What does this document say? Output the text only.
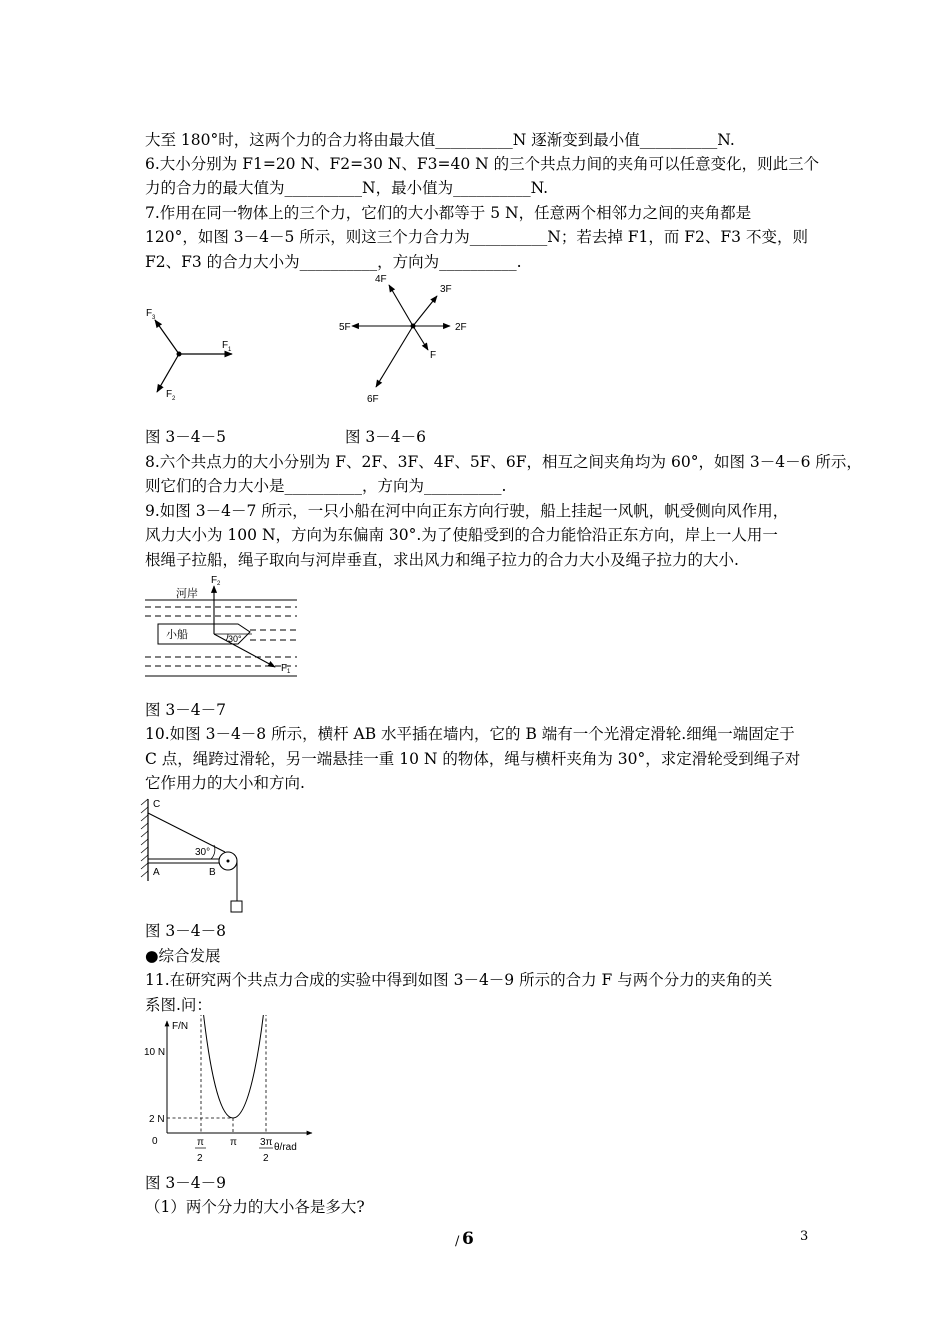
大至 180°时，这两个力的合力将由最大值__________N 逐渐变到最小值__________N.
6.大小分别为 F1=20 N、F2=30 N、F3=40 N 的三个共点力间的夹角可以任意变化，则此三个
力的合力的最大值为__________N，最小值为__________N.
7.作用在同一物体上的三个力，它们的大小都等于 5 N，任意两个相邻力之间的夹角都是
120°，如图 3－4－5 所示，则这三个力合力为__________N；若去掉 F1，而 F2、F3 不变，则
F2、F3 的合力大小为__________，方向为__________.
F 1
F 3
F 2
2F
5F
3F
4F
F
6F
图 3－4－5	图 3－4－6
8.六个共点力的大小分别为 F、2F、3F、4F、5F、6F，相互之间夹角均为 60°，如图 3－4－6 所示，
则它们的合力大小是__________，方向为__________.
9.如图 3－4－7 所示，一只小船在河中向正东方向行驶，船上挂起一风帆，帆受侧向风作用，
风力大小为 100 N，方向为东偏南 30°.为了使船受到的合力能恰沿正东方向，岸上一人用一
根绳子拉船，绳子取向与河岸垂直，求出风力和绳子拉力的合力大小及绳子拉力的大小.
河岸
小船	30°
F 2
F 1
图 3－4－7
10.如图 3－4－8 所示，横杆 AB 水平插在墙内，它的 B 端有一个光滑定滑轮.细绳一端固定于
C 点，绳跨过滑轮，另一端悬挂一重 10 N 的物体，绳与横杆夹角为 30°，求定滑轮受到绳子对
它作用力的大小和方向.
C
A	B
30°
图 3－4－8
●综合发展
11.在研究两个共点力合成的实验中得到如图 3－4－9 所示的合力 F 与两个分力的夹角的关
系图.问：
F/N
θ/rad
0
10 N
2 N
π
2
π 3π
2
图 3－4－9
（1）两个分力的大小各是多大?
/ 6	3
